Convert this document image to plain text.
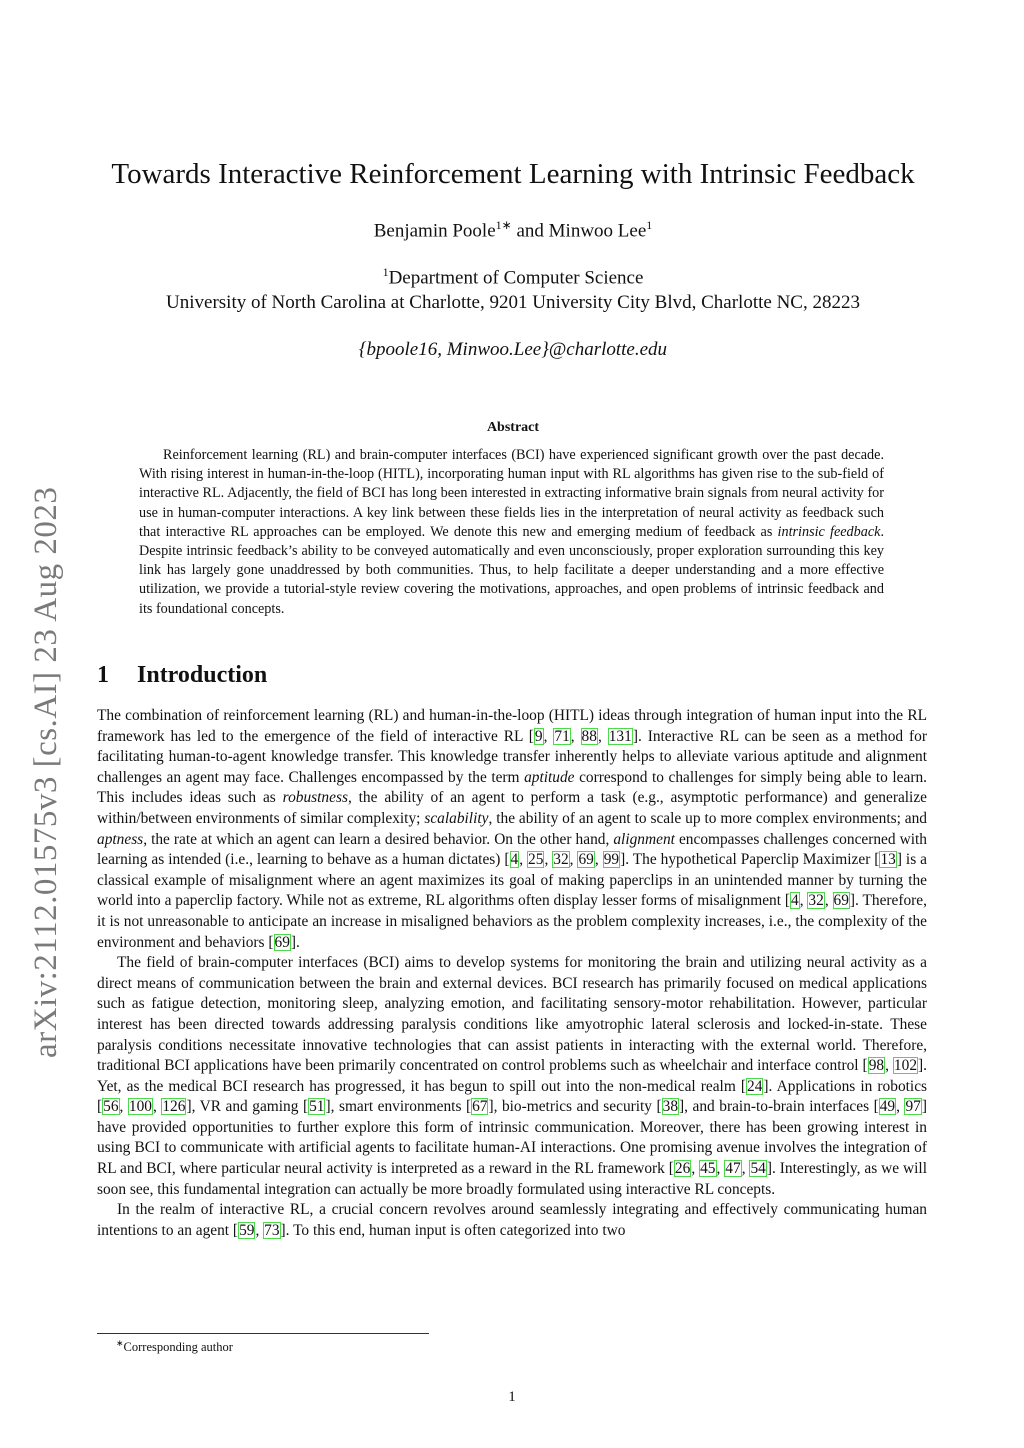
arXiv:2112.01575v3 [cs.AI] 23 Aug 2023
Towards Interactive Reinforcement Learning with Intrinsic Feedback
Benjamin Poole$^{1∗}$ and Minwoo Lee$^1$
$^1$Department of Computer Science
University of North Carolina at Charlotte, 9201 University City Blvd, Charlotte NC, 28223
{bpoole16, Minwoo.Lee}@charlotte.edu
Abstract

Reinforcement learning (RL) and brain-computer interfaces (BCI) have experienced significant growth over the past decade. With rising interest in human-in-the-loop (HITL), incorporating human input with RL algorithms has given rise to the sub-field of interactive RL. Adjacently, the field of BCI has long been interested in extracting informative brain signals from neural activity for use in human-computer interactions. A key link between these fields lies in the interpretation of neural activity as feedback such that interactive RL approaches can be employed. We denote this new and emerging medium of feedback as intrinsic feedback. Despite intrinsic feedback’s ability to be conveyed automatically and even unconsciously, proper exploration surrounding this key link has largely gone unaddressed by both communities. Thus, to help facilitate a deeper understanding and a more effective utilization, we provide a tutorial-style review covering the motivations, approaches, and open problems of intrinsic feedback and its foundational concepts.

1 Introduction

The combination of reinforcement learning (RL) and human-in-the-loop (HITL) ideas through integration of human input into the RL framework has led to the emergence of the field of interactive RL [9, 71, 88, 131]. Interactive RL can be seen as a method for facilitating human-to-agent knowledge transfer. This knowledge transfer inherently helps to alleviate various aptitude and alignment challenges an agent may face. Challenges encompassed by the term aptitude correspond to challenges for simply being able to learn. This includes ideas such as robustness, the ability of an agent to perform a task (e.g., asymptotic performance) and generalize within/between environments of similar complexity; scalability, the ability of an agent to scale up to more complex environments; and aptness, the rate at which an agent can learn a desired behavior. On the other hand, alignment encompasses challenges concerned with learning as intended (i.e., learning to behave as a human dictates) [4, 25, 32, 69, 99]. The hypothetical Paperclip Maximizer [13] is a classical example of misalignment where an agent maximizes its goal of making paperclips in an unintended manner by turning the world into a paperclip factory. While not as extreme, RL algorithms often display lesser forms of misalignment [4, 32, 69]. Therefore, it is not unreasonable to anticipate an increase in misaligned behaviors as the problem complexity increases, i.e., the complexity of the environment and behaviors [69].

The field of brain-computer interfaces (BCI) aims to develop systems for monitoring the brain and utilizing neural activity as a direct means of communication between the brain and external devices. BCI research has primarily focused on medical applications such as fatigue detection, monitoring sleep, analyzing emotion, and facilitating sensory-motor rehabilitation. However, particular interest has been directed towards addressing paralysis conditions like amyotrophic lateral sclerosis and locked-in-state. These paralysis conditions necessitate innovative technologies that can assist patients in interacting with the external world. Therefore, traditional BCI applications have been primarily concentrated on control problems such as wheelchair and interface control [98, 102]. Yet, as the medical BCI research has progressed, it has begun to spill out into the non-medical realm [24]. Applications in robotics [56, 100, 126], VR and gaming [51], smart environments [67], bio-metrics and security [38], and brain-to-brain interfaces [49, 97] have provided opportunities to further explore this form of intrinsic communication. Moreover, there has been growing interest in using BCI to communicate with artificial agents to facilitate human-AI interactions. One promising avenue involves the integration of RL and BCI, where particular neural activity is interpreted as a reward in the RL framework [26, 45, 47, 54]. Interestingly, as we will soon see, this fundamental integration can actually be more broadly formulated using interactive RL concepts.

In the realm of interactive RL, a crucial concern revolves around seamlessly integrating and effectively communicating human intentions to an agent [59, 73]. To this end, human input is often categorized into two

∗Corresponding author
1
